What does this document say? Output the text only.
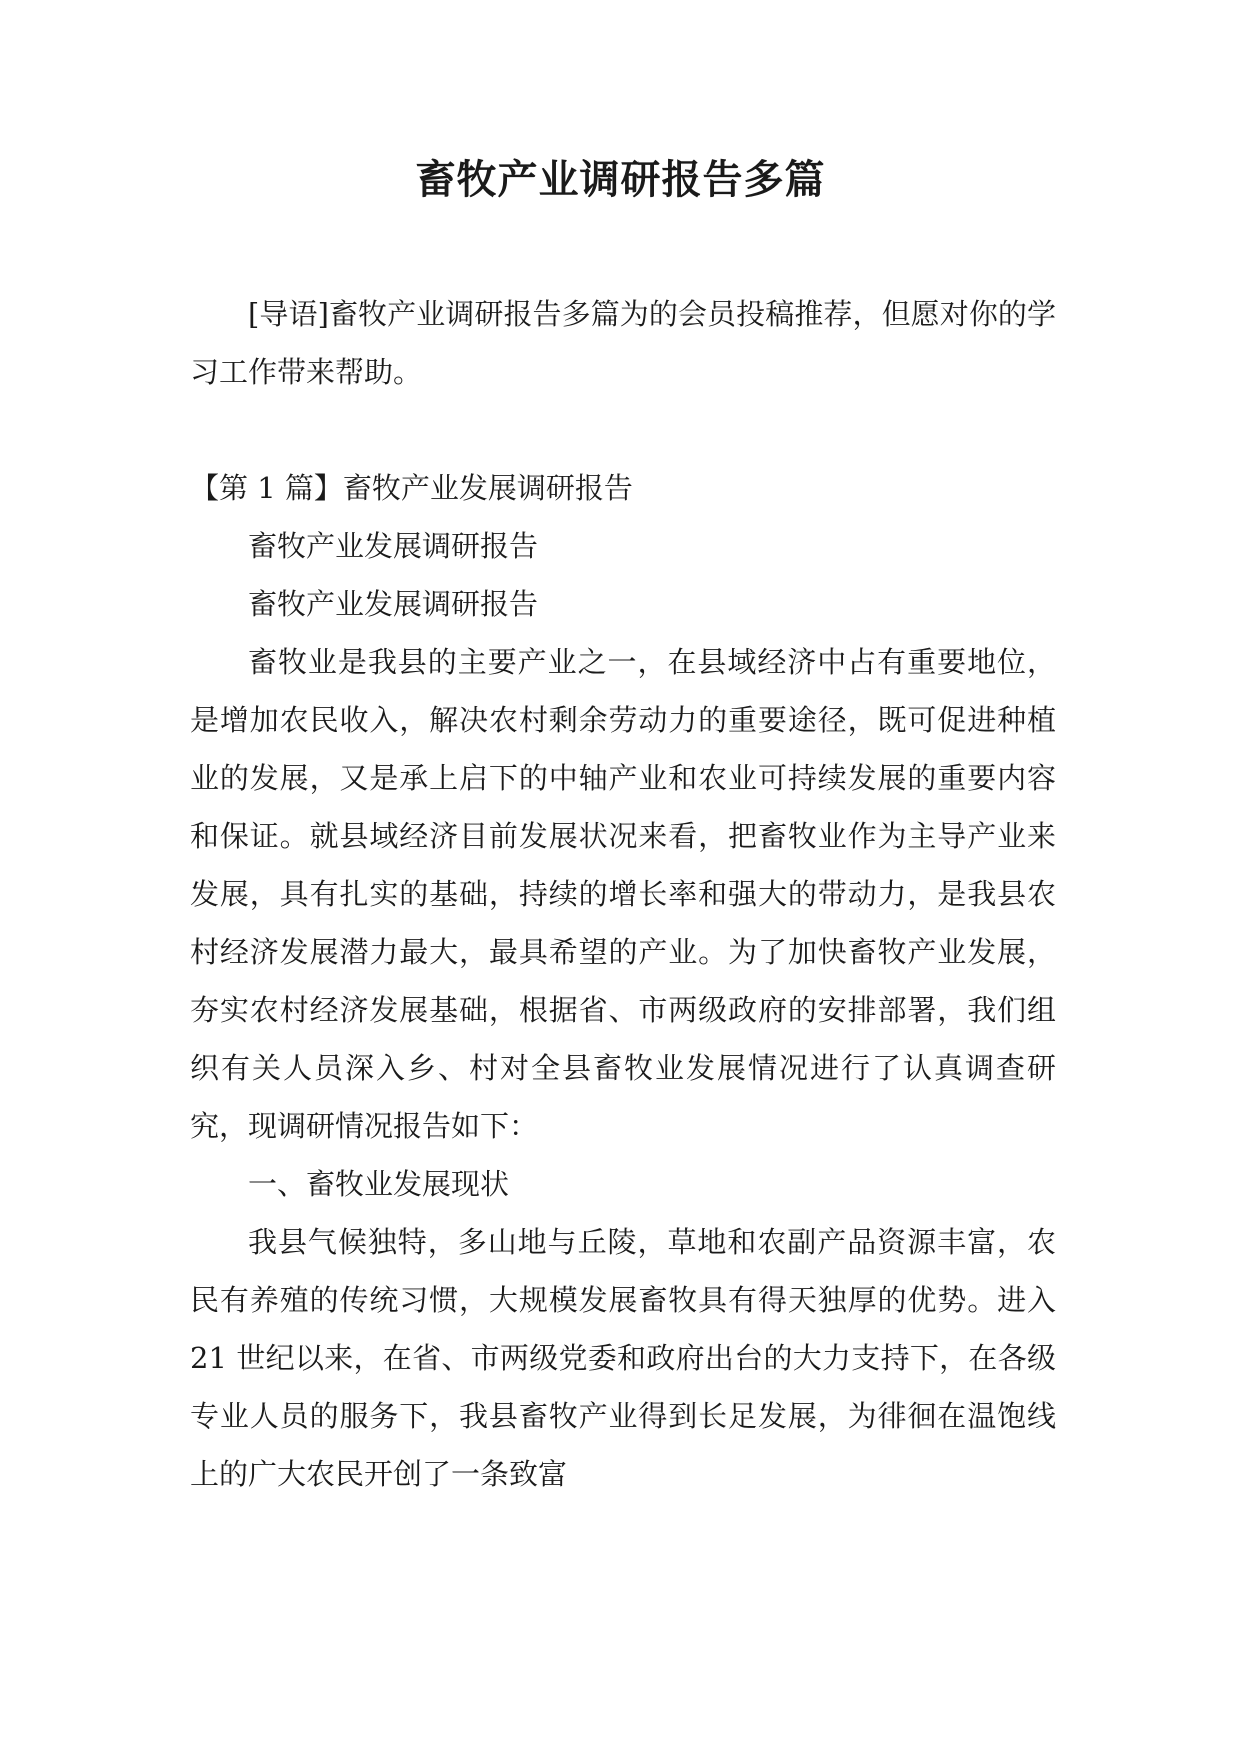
畜牧产业调研报告多篇

[导语]畜牧产业调研报告多篇为的会员投稿推荐，但愿对你的学习工作带来帮助。

【第 1 篇】畜牧产业发展调研报告

畜牧产业发展调研报告

畜牧产业发展调研报告

畜牧业是我县的主要产业之一，在县域经济中占有重要地位，是增加农民收入，解决农村剩余劳动力的重要途径，既可促进种植业的发展，又是承上启下的中轴产业和农业可持续发展的重要内容和保证。就县域经济目前发展状况来看，把畜牧业作为主导产业来发展，具有扎实的基础，持续的增长率和强大的带动力，是我县农村经济发展潜力最大，最具希望的产业。为了加快畜牧产业发展，夯实农村经济发展基础，根据省、市两级政府的安排部署，我们组织有关人员深入乡、村对全县畜牧业发展情况进行了认真调查研究，现调研情况报告如下：

一、畜牧业发展现状

我县气候独特，多山地与丘陵，草地和农副产品资源丰富，农民有养殖的传统习惯，大规模发展畜牧具有得天独厚的优势。进入 21 世纪以来，在省、市两级党委和政府出台的大力支持下，在各级专业人员的服务下，我县畜牧产业得到长足发展，为徘徊在温饱线上的广大农民开创了一条致富
